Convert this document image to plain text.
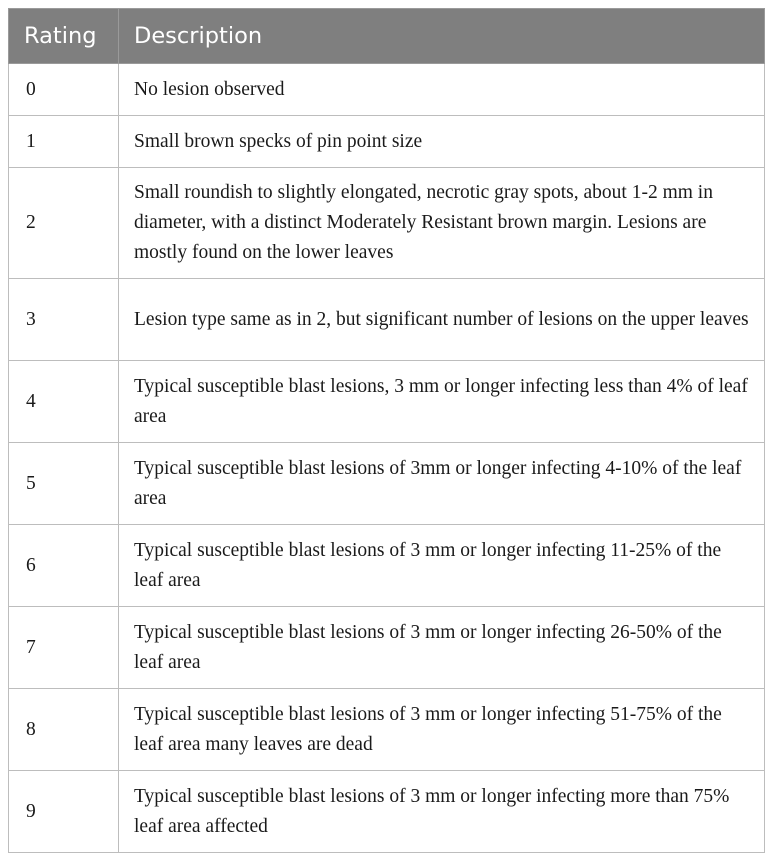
Rating	Description
0	No lesion observed
1	Small brown specks of pin point size
2	Small roundish to slightly elongated, necrotic gray spots, about 1-2 mm in diameter, with a distinct Moderately Resistant brown margin. Lesions are mostly found on the lower leaves
3	Lesion type same as in 2, but significant number of lesions on the upper leaves
4	Typical susceptible blast lesions, 3 mm or longer infecting less than 4% of leaf area
5	Typical susceptible blast lesions of 3mm or longer infecting 4-10% of the leaf area
6	Typical susceptible blast lesions of 3 mm or longer infecting 11-25% of the leaf area
7	Typical susceptible blast lesions of 3 mm or longer infecting 26-50% of the leaf area
8	Typical susceptible blast lesions of 3 mm or longer infecting 51-75% of the leaf area many leaves are dead
9	Typical susceptible blast lesions of 3 mm or longer infecting more than 75% leaf area affected
